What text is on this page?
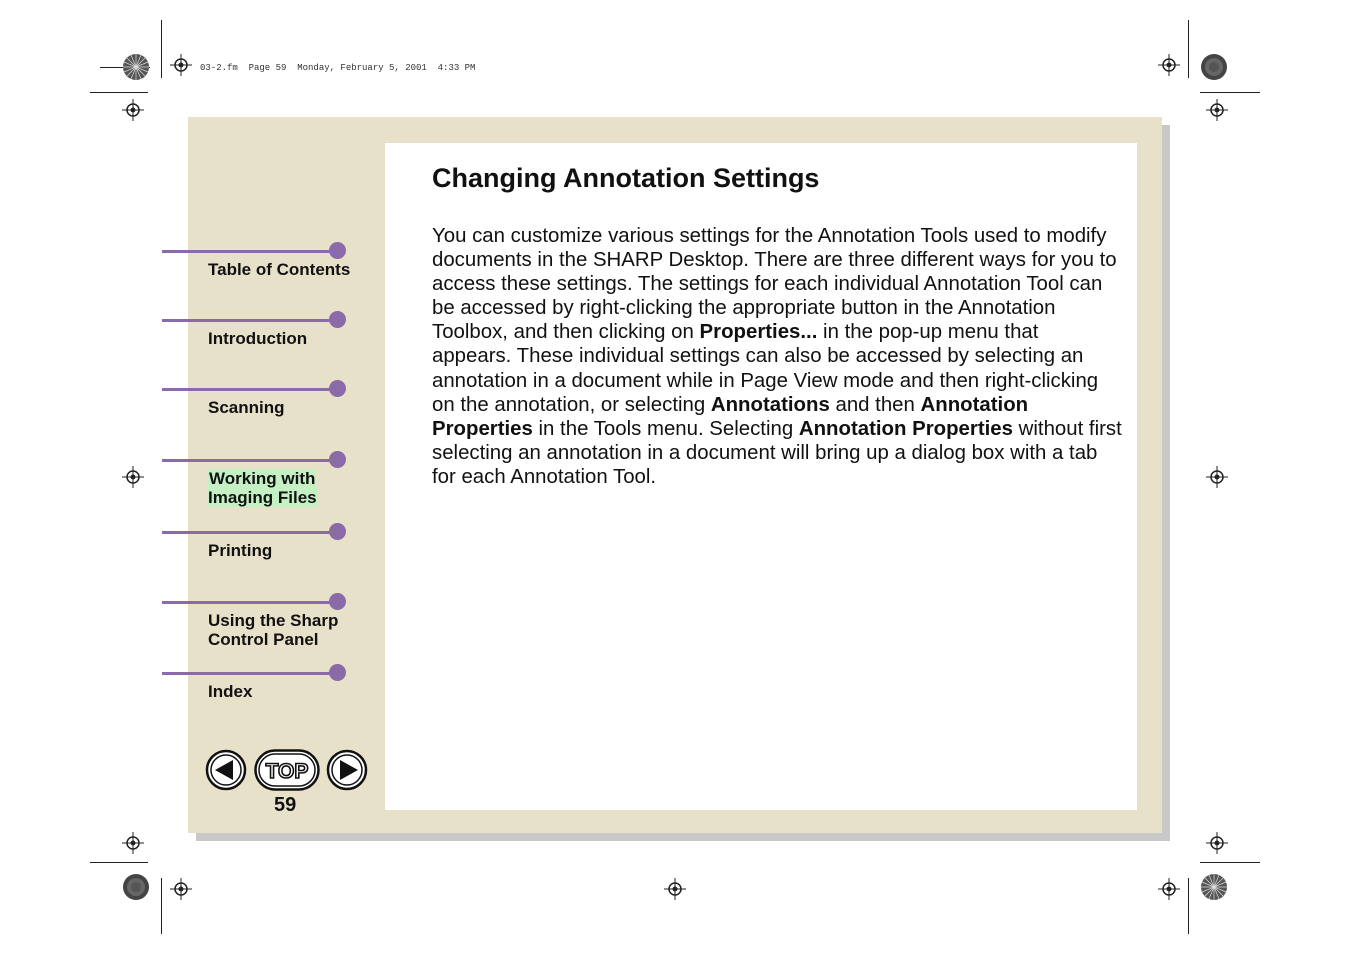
03-2.fm  Page 59  Monday, February 5, 2001  4:33 PM
Changing Annotation Settings

You can customize various settings for the Annotation Tools used to modify documents in the SHARP Desktop. There are three different ways for you to access these settings. The settings for each individual Annotation Tool can be accessed by right-clicking the appropriate button in the Annotation Toolbox, and then clicking on Properties... in the pop-up menu that appears. These individual settings can also be accessed by selecting an annotation in a document while in Page View mode and then right-clicking on the annotation, or selecting Annotations and then Annotation Properties in the Tools menu. Selecting Annotation Properties without first selecting an annotation in a document will bring up a dialog box with a tab for each Annotation Tool.

Table of Contents
Introduction
Scanning
Working with
Imaging Files
Printing
Using the Sharp
Control Panel
Index
TOP
59
